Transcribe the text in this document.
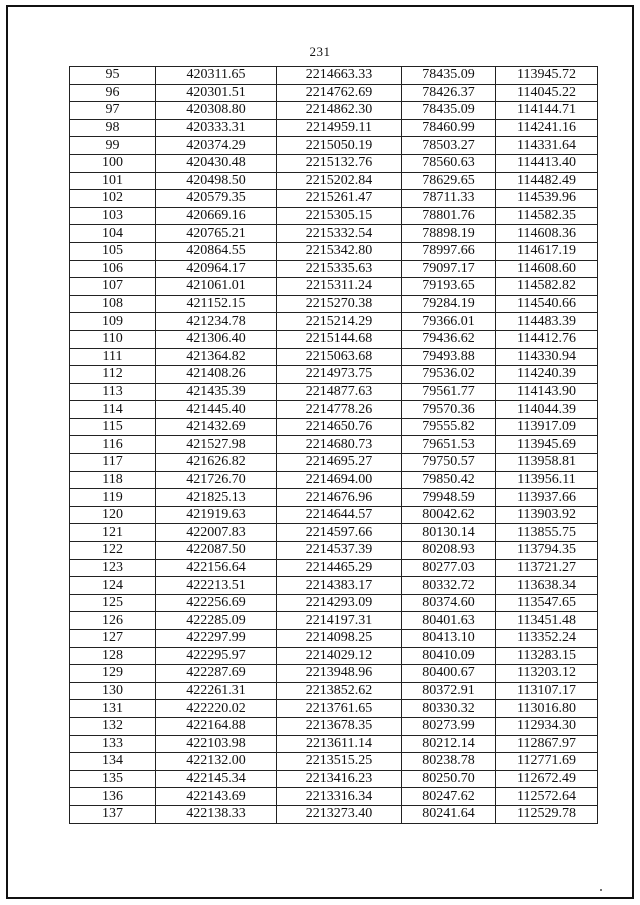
231
95	420311.65	2214663.33	78435.09	113945.72
96	420301.51	2214762.69	78426.37	114045.22
97	420308.80	2214862.30	78435.09	114144.71
98	420333.31	2214959.11	78460.99	114241.16
99	420374.29	2215050.19	78503.27	114331.64
100	420430.48	2215132.76	78560.63	114413.40
101	420498.50	2215202.84	78629.65	114482.49
102	420579.35	2215261.47	78711.33	114539.96
103	420669.16	2215305.15	78801.76	114582.35
104	420765.21	2215332.54	78898.19	114608.36
105	420864.55	2215342.80	78997.66	114617.19
106	420964.17	2215335.63	79097.17	114608.60
107	421061.01	2215311.24	79193.65	114582.82
108	421152.15	2215270.38	79284.19	114540.66
109	421234.78	2215214.29	79366.01	114483.39
110	421306.40	2215144.68	79436.62	114412.76
111	421364.82	2215063.68	79493.88	114330.94
112	421408.26	2214973.75	79536.02	114240.39
113	421435.39	2214877.63	79561.77	114143.90
114	421445.40	2214778.26	79570.36	114044.39
115	421432.69	2214650.76	79555.82	113917.09
116	421527.98	2214680.73	79651.53	113945.69
117	421626.82	2214695.27	79750.57	113958.81
118	421726.70	2214694.00	79850.42	113956.11
119	421825.13	2214676.96	79948.59	113937.66
120	421919.63	2214644.57	80042.62	113903.92
121	422007.83	2214597.66	80130.14	113855.75
122	422087.50	2214537.39	80208.93	113794.35
123	422156.64	2214465.29	80277.03	113721.27
124	422213.51	2214383.17	80332.72	113638.34
125	422256.69	2214293.09	80374.60	113547.65
126	422285.09	2214197.31	80401.63	113451.48
127	422297.99	2214098.25	80413.10	113352.24
128	422295.97	2214029.12	80410.09	113283.15
129	422287.69	2213948.96	80400.67	113203.12
130	422261.31	2213852.62	80372.91	113107.17
131	422220.02	2213761.65	80330.32	113016.80
132	422164.88	2213678.35	80273.99	112934.30
133	422103.98	2213611.14	80212.14	112867.97
134	422132.00	2213515.25	80238.78	112771.69
135	422145.34	2213416.23	80250.70	112672.49
136	422143.69	2213316.34	80247.62	112572.64
137	422138.33	2213273.40	80241.64	112529.78
